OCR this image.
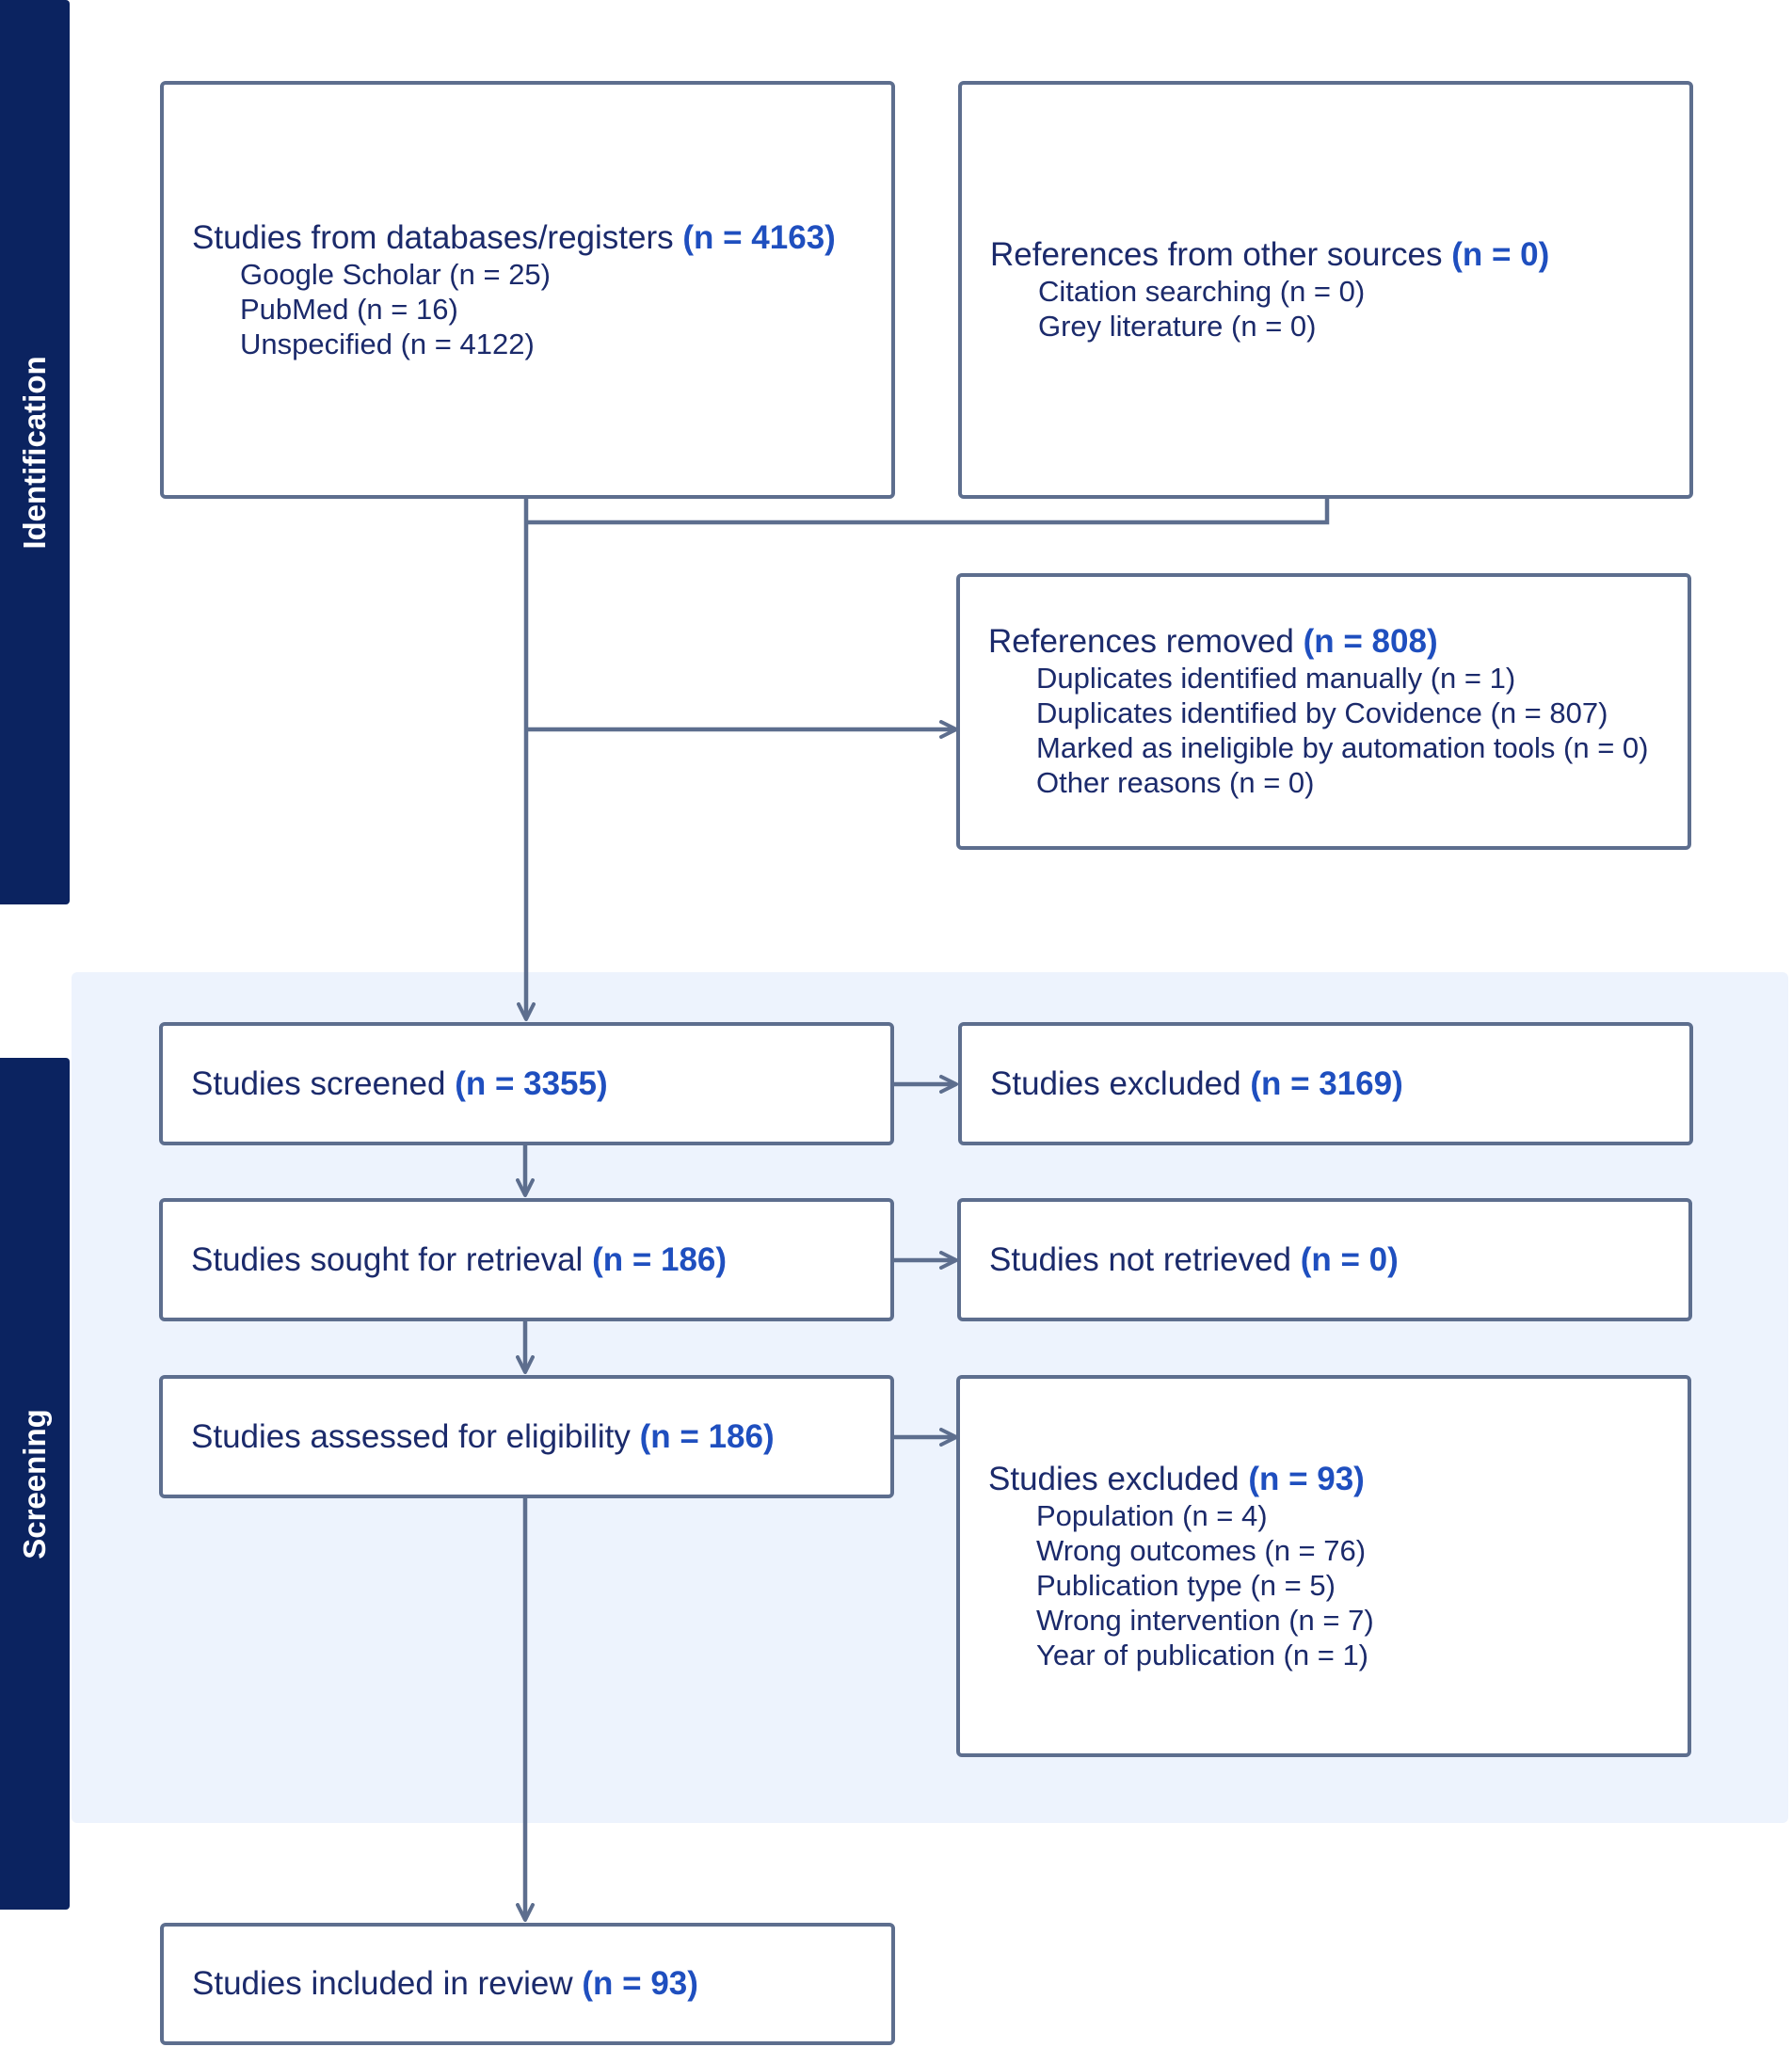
Identification
Screening
Studies from databases/registers (n = 4163)
Google Scholar (n = 25)
PubMed (n = 16)
Unspecified (n = 4122)
References from other sources (n = 0)
Citation searching (n = 0)
Grey literature (n = 0)
References removed (n = 808)
Duplicates identified manually (n = 1)
Duplicates identified by Covidence (n = 807)
Marked as ineligible by automation tools (n = 0)
Other reasons (n = 0)
Studies screened (n = 3355)	Studies excluded (n = 3169)
Studies sought for retrieval (n = 186)	Studies not retrieved (n = 0)
Studies assessed for eligibility (n = 186)
Studies excluded (n = 93)
Population (n = 4)
Wrong outcomes (n = 76)
Publication type (n = 5)
Wrong intervention (n = 7)
Year of publication (n = 1)
Studies included in review (n = 93)
